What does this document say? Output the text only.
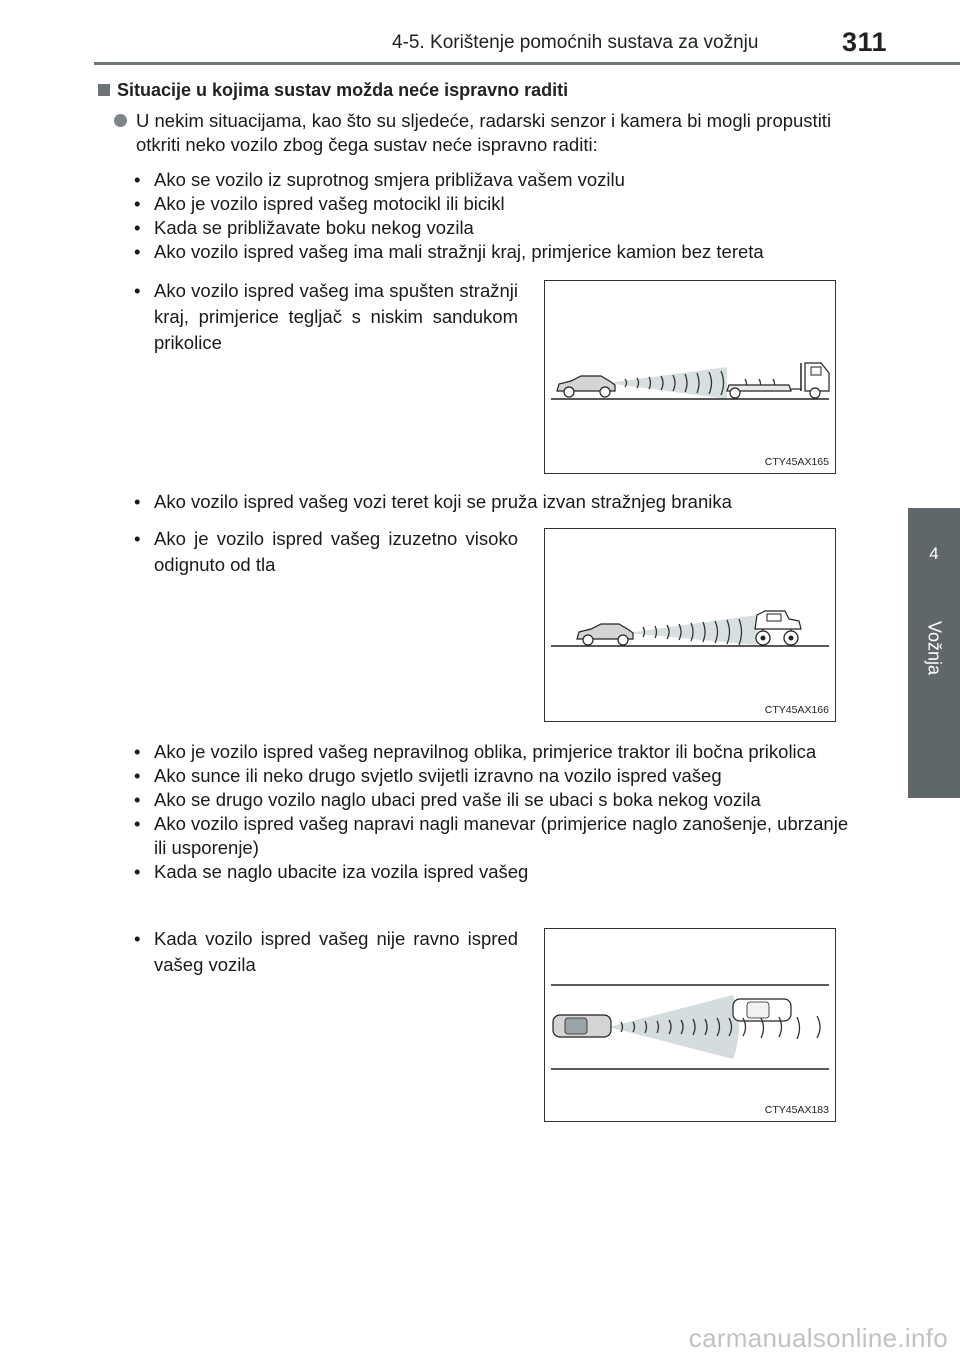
4-5. Korištenje pomoćnih sustava za vožnju	311
4
Vožnja
Situacije u kojima sustav možda neće ispravno raditi
U nekim situacijama, kao što su sljedeće, radarski senzor i kamera bi mogli propustiti otkriti neko vozilo zbog čega sustav neće ispravno raditi:
• Ako se vozilo iz suprotnog smjera približava vašem vozilu
• Ako je vozilo ispred vašeg motocikl ili bicikl
• Kada se približavate boku nekog vozila
• Ako vozilo ispred vašeg ima mali stražnji kraj, primjerice kamion bez tereta
• Ako vozilo ispred vašeg ima spušten stražnji kraj, primjerice tegljač s niskim sandukom prikolice
CTY45AX165
• Ako vozilo ispred vašeg vozi teret koji se pruža izvan stražnjeg branika
• Ako je vozilo ispred vašeg izuzetno visoko odignuto od tla
CTY45AX166
• Ako je vozilo ispred vašeg nepravilnog oblika, primjerice traktor ili bočna prikolica
• Ako sunce ili neko drugo svjetlo svijetli izravno na vozilo ispred vašeg
• Ako se drugo vozilo naglo ubaci pred vaše ili se ubaci s boka nekog vozila
• Ako vozilo ispred vašeg napravi nagli manevar (primjerice naglo zanošenje, ubrzanje ili usporenje)
• Kada se naglo ubacite iza vozila ispred vašeg
• Kada vozilo ispred vašeg nije ravno ispred vašeg vozila
CTY45AX183
carmanualsonline.info
